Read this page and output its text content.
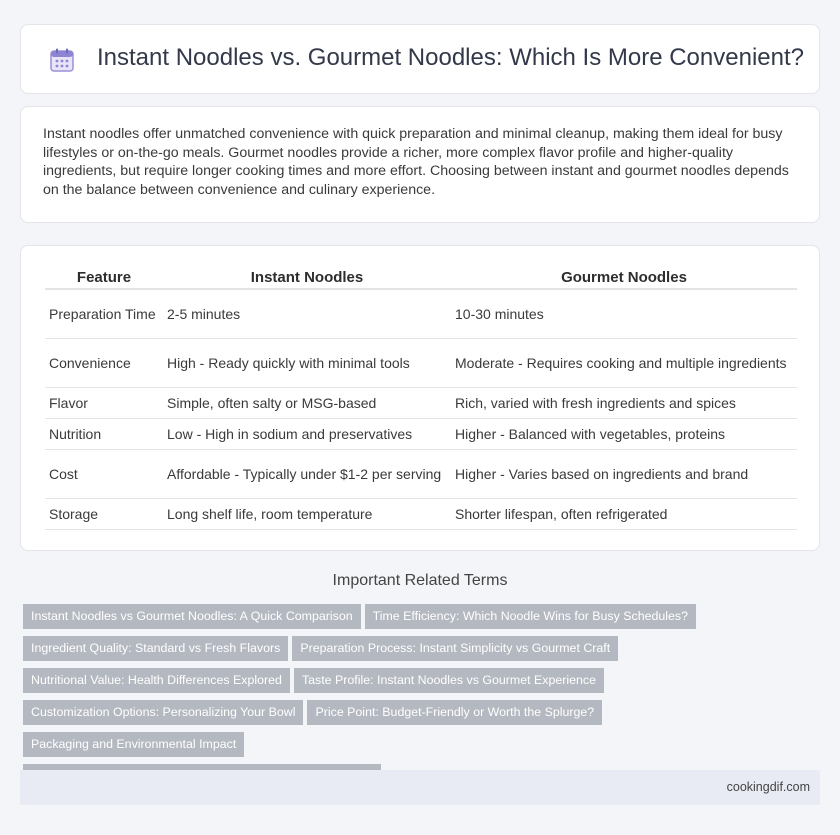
Instant Noodles vs. Gourmet Noodles: Which Is More Convenient?

Instant noodles offer unmatched convenience with quick preparation and minimal cleanup, making them ideal for busy lifestyles or on-the-go meals. Gourmet noodles provide a richer, more complex flavor profile and higher-quality ingredients, but require longer cooking times and more effort. Choosing between instant and gourmet noodles depends on the balance between convenience and culinary experience.

Feature	Instant Noodles	Gourmet Noodles
Preparation Time	2-5 minutes	10-30 minutes
Convenience	High - Ready quickly with minimal tools	Moderate - Requires cooking and multiple ingredients
Flavor	Simple, often salty or MSG-based	Rich, varied with fresh ingredients and spices
Nutrition	Low - High in sodium and preservatives	Higher - Balanced with vegetables, proteins
Cost	Affordable - Typically under $1-2 per serving	Higher - Varies based on ingredients and brand
Storage	Long shelf life, room temperature	Shorter lifespan, often refrigerated
Important Related Terms
Instant Noodles vs Gourmet Noodles: A Quick Comparison Time Efficiency: Which Noodle Wins for Busy Schedules?
Ingredient Quality: Standard vs Fresh Flavors Preparation Process: Instant Simplicity vs Gourmet Craft
Nutritional Value: Health Differences Explored Taste Profile: Instant Noodles vs Gourmet Experience
Customization Options: Personalizing Your Bowl Price Point: Budget-Friendly or Worth the Splurge?Packaging and Environmental Impact

cookingdif.com
